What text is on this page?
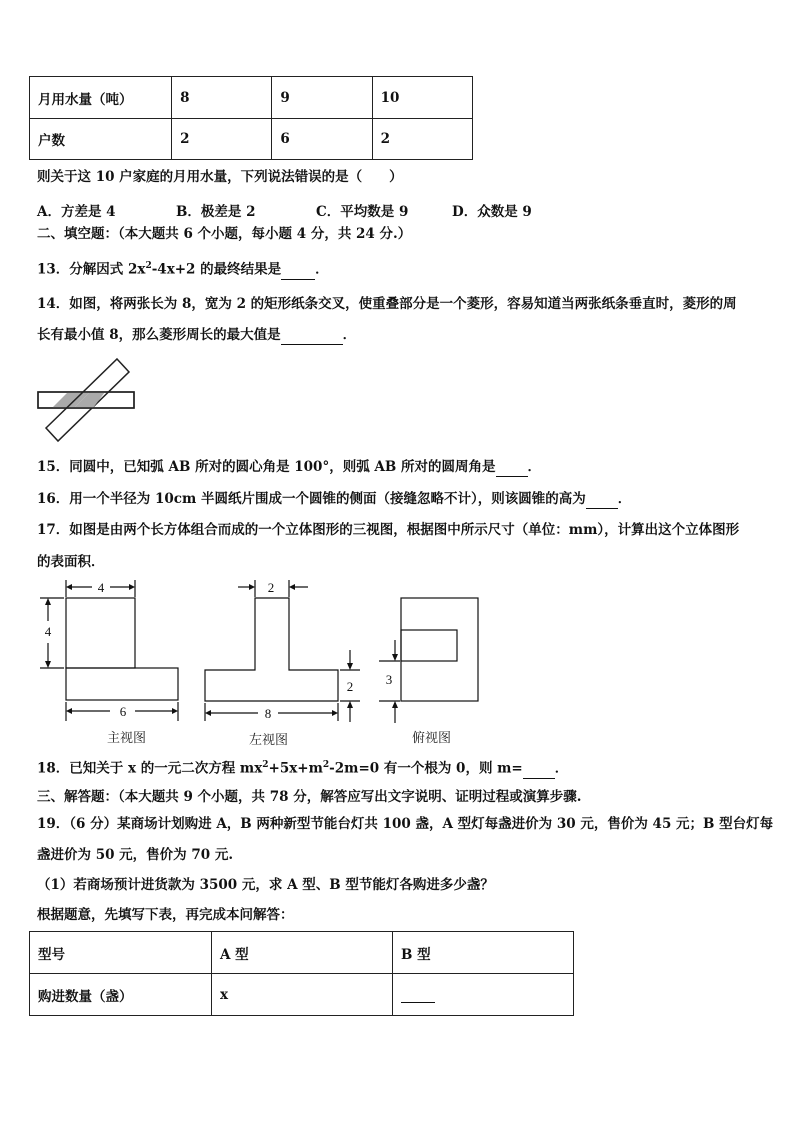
月用水量（吨）	8	9	10
户数	2	6	2
则关于这 10 户家庭的月用水量，下列说法错误的是（　　）
A．方差是 4	B．极差是 2	C．平均数是 9	D．众数是 9
二、填空题：（本大题共 6 个小题，每小题 4 分，共 24 分.）
13．分解因式 $2x^2-4x+2$ 的最终结果是	．
14．如图，将两张长为 8，宽为 2 的矩形纸条交叉，使重叠部分是一个菱形，容易知道当两张纸条垂直时，菱形的周
长有最小值 8，那么菱形周长的最大值是	．
15．同圆中，已知弧 AB 所对的圆心角是 100°，则弧 AB 所对的圆周角是 ．
16．用一个半径为 10cm 半圆纸片围成一个圆锥的侧面（接缝忽略不计），则该圆锥的高为 ．
17．如图是由两个长方体组合而成的一个立体图形的三视图，根据图中所示尺寸（单位：mm），计算出这个立体图形
的表面积．
4
4
6
主视图
2
2
8
左视图
3
俯视图
18．已知关于 x 的一元二次方程 $mx^2+5x+m^2-2m=0$ 有一个根为 0，则 m= ．
三、解答题：（本大题共 9 个小题，共 78 分，解答应写出文字说明、证明过程或演算步骤.
19．（6 分）某商场计划购进 A，B 两种新型节能台灯共 100 盏，A 型灯每盏进价为 30 元，售价为 45 元；B 型台灯每
盏进价为 50 元，售价为 70 元.
（1）若商场预计进货款为 3500 元，求 A 型、B 型节能灯各购进多少盏？
根据题意，先填写下表，再完成本问解答：
型号	A 型	B 型
购进数量（盏）	x	
